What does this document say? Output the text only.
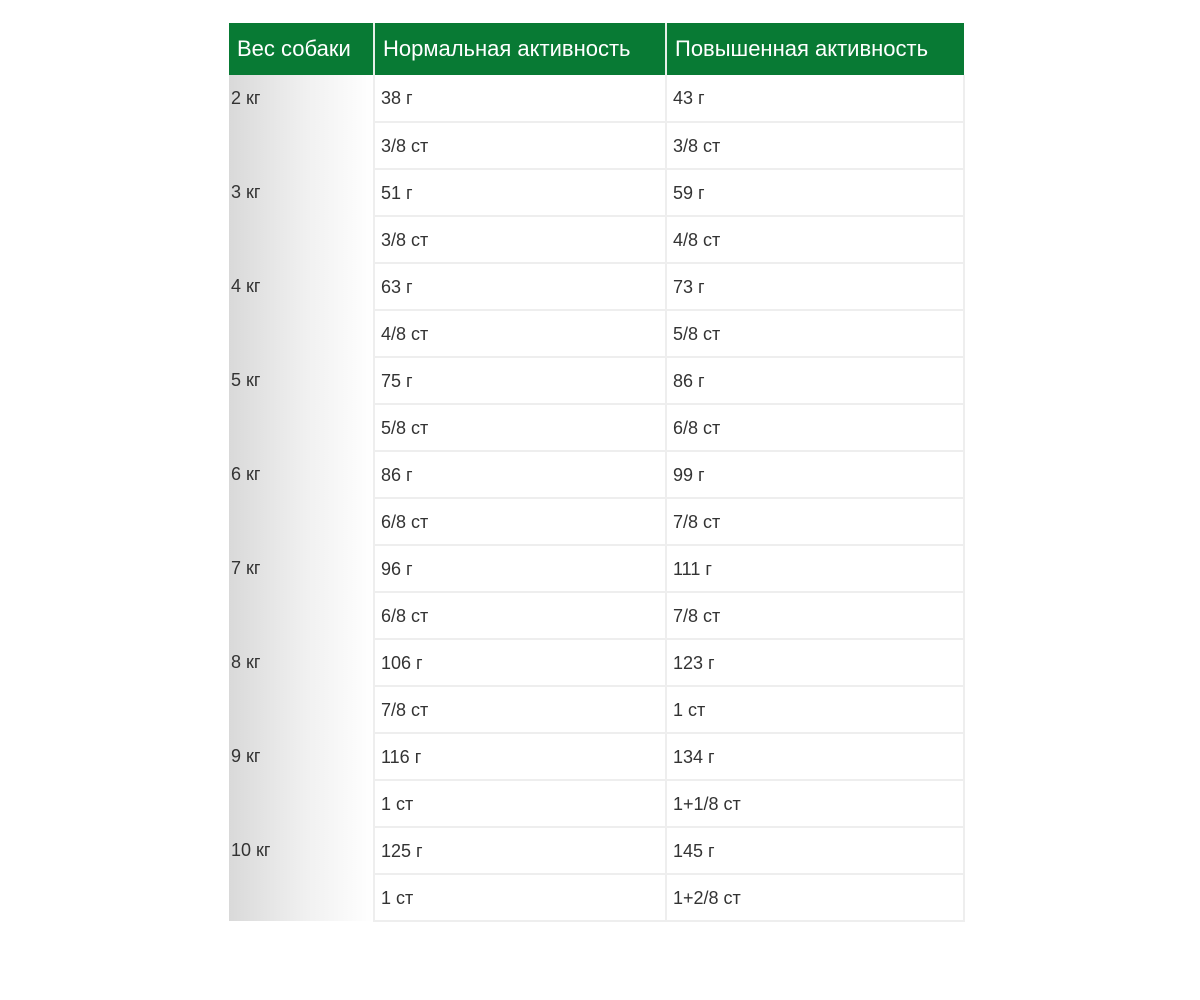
Вес собаки	Нормальная активность	Повышенная активность
2 кг	38 г	43 г
	3/8 ст	3/8 ст
3 кг	51 г	59 г
	3/8 ст	4/8 ст
4 кг	63 г	73 г
	4/8 ст	5/8 ст
5 кг	75 г	86 г
	5/8 ст	6/8 ст
6 кг	86 г	99 г
	6/8 ст	7/8 ст
7 кг	96 г	111 г
	6/8 ст	7/8 ст
8 кг	106 г	123 г
	7/8 ст	1 ст
9 кг	116 г	134 г
	1 ст	1+1/8 ст
10 кг	125 г	145 г
	1 ст	1+2/8 ст
